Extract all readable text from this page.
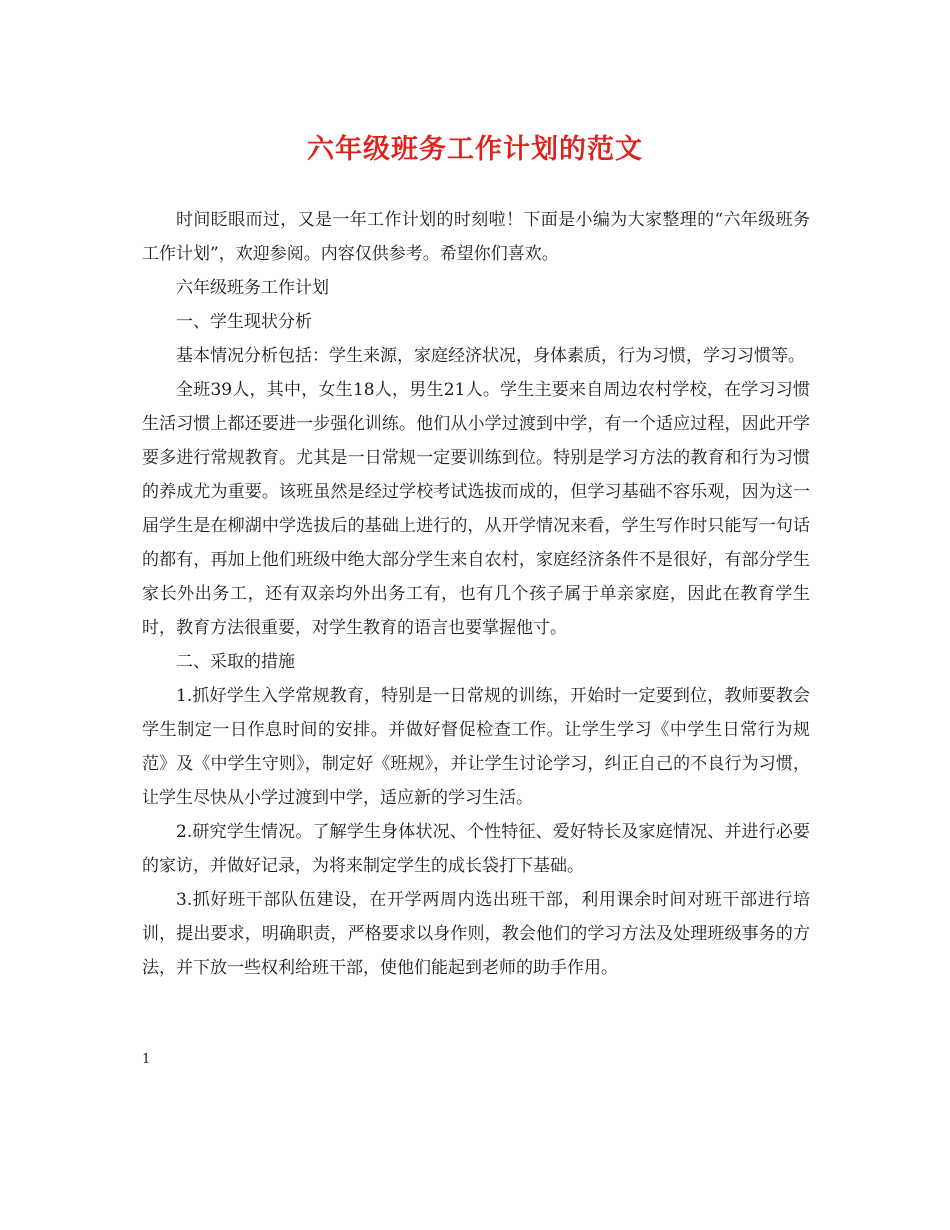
六年级班务工作计划的范文

时间眨眼而过，又是一年工作计划的时刻啦！下面是小编为大家整理的“六年级班务工作计划”，欢迎参阅。内容仅供参考。希望你们喜欢。

六年级班务工作计划

一、学生现状分析

基本情况分析包括：学生来源，家庭经济状况，身体素质，行为习惯，学习习惯等。

全班39人，其中，女生18人，男生21人。学生主要来自周边农村学校，在学习习惯生活习惯上都还要进一步强化训练。他们从小学过渡到中学，有一个适应过程，因此开学要多进行常规教育。尤其是一日常规一定要训练到位。特别是学习方法的教育和行为习惯的养成尤为重要。该班虽然是经过学校考试选拔而成的，但学习基础不容乐观，因为这一届学生是在柳湖中学选拔后的基础上进行的，从开学情况来看，学生写作时只能写一句话的都有，再加上他们班级中绝大部分学生来自农村，家庭经济条件不是很好，有部分学生家长外出务工，还有双亲均外出务工有，也有几个孩子属于单亲家庭，因此在教育学生时，教育方法很重要，对学生教育的语言也要掌握他寸。

二、采取的措施

1.抓好学生入学常规教育，特别是一日常规的训练，开始时一定要到位，教师要教会学生制定一日作息时间的安排。并做好督促检查工作。让学生学习《中学生日常行为规范》及《中学生守则》，制定好《班规》，并让学生讨论学习，纠正自己的不良行为习惯，让学生尽快从小学过渡到中学，适应新的学习生活。

2.研究学生情况。了解学生身体状况、个性特征、爱好特长及家庭情况、并进行必要的家访，并做好记录，为将来制定学生的成长袋打下基础。

3.抓好班干部队伍建设，在开学两周内选出班干部，利用课余时间对班干部进行培训，提出要求，明确职责，严格要求以身作则，教会他们的学习方法及处理班级事务的方法，并下放一些权利给班干部，使他们能起到老师的助手作用。

1
